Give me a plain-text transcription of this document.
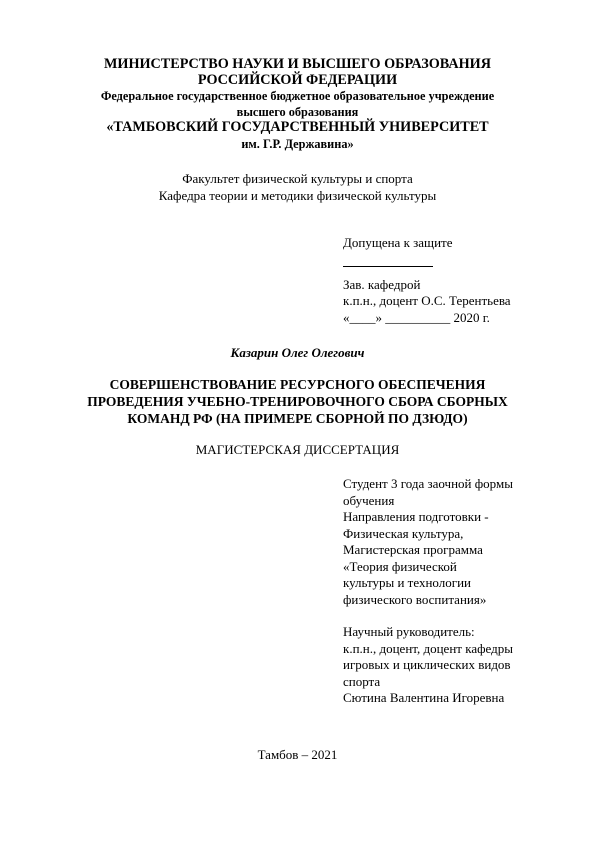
МИНИСТЕРСТВО НАУКИ И ВЫСШЕГО ОБРАЗОВАНИЯ
РОССИЙСКОЙ ФЕДЕРАЦИИ
Федеральное государственное бюджетное образовательное учреждение
высшего образования
«ТАМБОВСКИЙ ГОСУДАРСТВЕННЫЙ УНИВЕРСИТЕТ
им. Г.Р. Державина»
Факультет физической культуры и спорта
Кафедра теории и методики физической культуры
Допущена к защите
Зав. кафедрой
к.п.н., доцент О.С. Терентьева
«____» __________ 2020 г.
Казарин Олег Олегович
СОВЕРШЕНСТВОВАНИЕ РЕСУРСНОГО ОБЕСПЕЧЕНИЯ
ПРОВЕДЕНИЯ УЧЕБНО-ТРЕНИРОВОЧНОГО СБОРА СБОРНЫХ
КОМАНД РФ (НА ПРИМЕРЕ СБОРНОЙ ПО ДЗЮДО)
МАГИСТЕРСКАЯ ДИССЕРТАЦИЯ
Студент 3 года заочной формы
обучения
Направления подготовки -
Физическая культура,
Магистерская программа
«Теория физической
культуры и технологии
физического воспитания»
Научный руководитель:
к.п.н., доцент, доцент кафедры
игровых и циклических видов
спорта
Сютина Валентина Игоревна
Тамбов – 2021
